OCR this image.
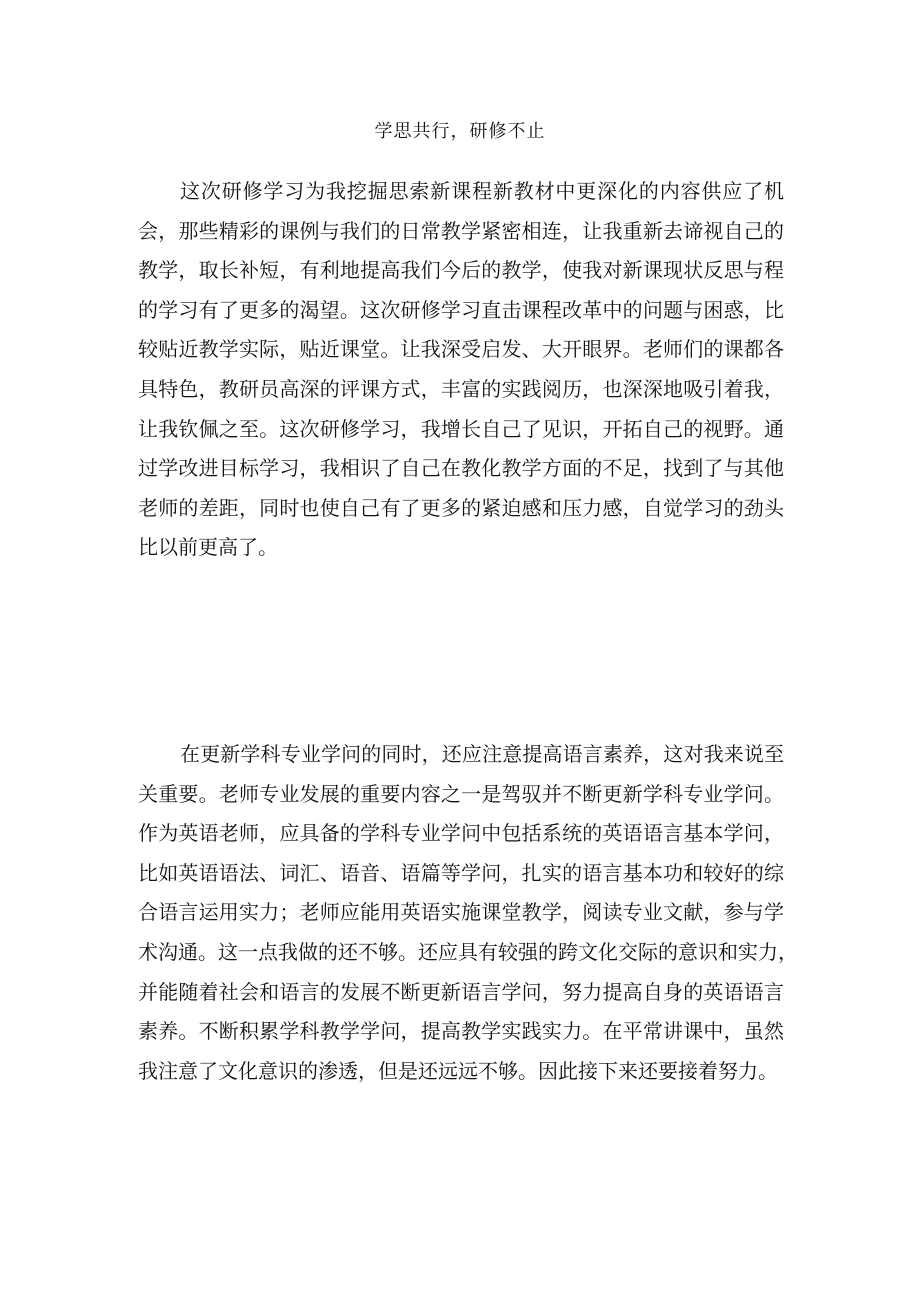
学思共行，研修不止
这次研修学习为我挖掘思索新课程新教材中更深化的内容供应了机
会，那些精彩的课例与我们的日常教学紧密相连，让我重新去谛视自己的
教学，取长补短，有利地提高我们今后的教学，使我对新课现状反思与程
的学习有了更多的渴望。这次研修学习直击课程改革中的问题与困惑，比
较贴近教学实际，贴近课堂。让我深受启发、大开眼界。老师们的课都各
具特色，教研员高深的评课方式，丰富的实践阅历，也深深地吸引着我，
让我钦佩之至。这次研修学习，我增长自己了见识，开拓自己的视野。通
过学改进目标学习，我相识了自己在教化教学方面的不足，找到了与其他
老师的差距，同时也使自己有了更多的紧迫感和压力感，自觉学习的劲头
比以前更高了。
在更新学科专业学问的同时，还应注意提高语言素养，这对我来说至
关重要。老师专业发展的重要内容之一是驾驭并不断更新学科专业学问。
作为英语老师，应具备的学科专业学问中包括系统的英语语言基本学问，
比如英语语法、词汇、语音、语篇等学问，扎实的语言基本功和较好的综
合语言运用实力；老师应能用英语实施课堂教学，阅读专业文献，参与学
术沟通。这一点我做的还不够。还应具有较强的跨文化交际的意识和实力，
并能随着社会和语言的发展不断更新语言学问，努力提高自身的英语语言
素养。不断积累学科教学学问，提高教学实践实力。在平常讲课中，虽然
我注意了文化意识的渗透，但是还远远不够。因此接下来还要接着努力。
